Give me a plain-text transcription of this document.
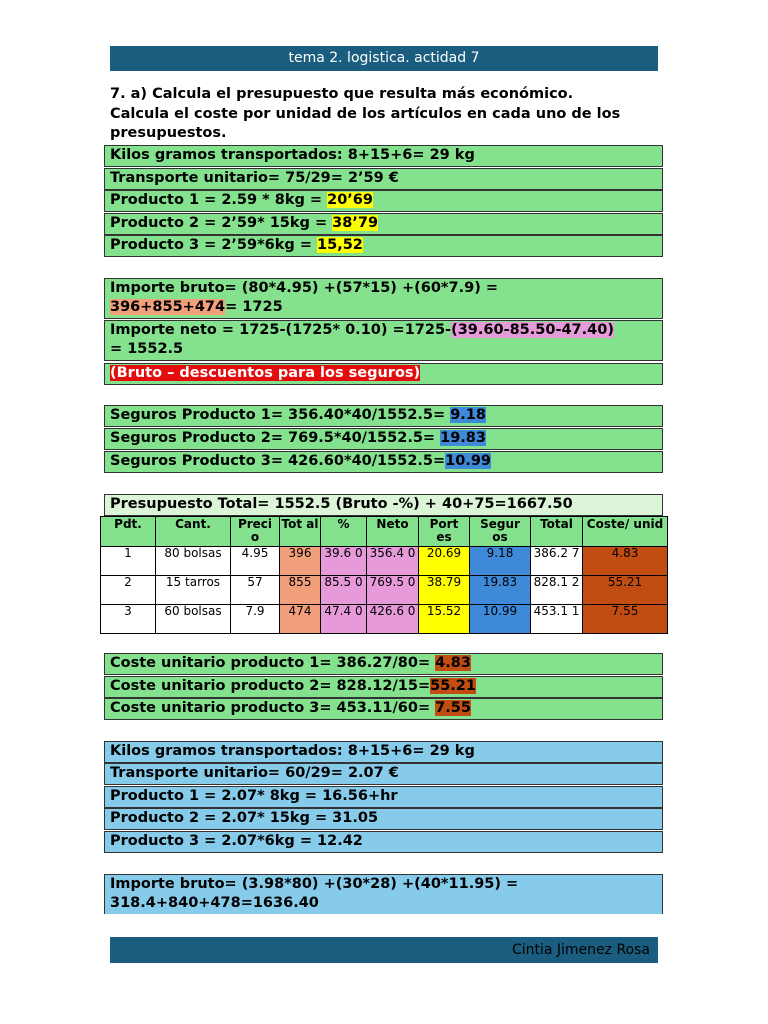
tema 2. logistica. actidad 7
7. a) Calcula el presupuesto que resulta más económico.
Calcula el coste por unidad de los artículos en cada uno de los
presupuestos.
Kilos gramos transportados: 8+15+6= 29 kg
Transporte unitario= 75/29= 2’59 €
Producto 1 = 2.59 * 8kg = 20’69
Producto 2 = 2’59* 15kg = 38’79
Producto 3 = 2’59*6kg = 15,52
Importe bruto= (80*4.95) +(57*15) +(60*7.9) =
396+855+474= 1725
Importe neto = 1725-(1725* 0.10) =1725-(39.60-85.50-47.40)
= 1552.5
(Bruto – descuentos para los seguros)
Seguros Producto 1= 356.40*40/1552.5= 9.18
Seguros Producto 2= 769.5*40/1552.5= 19.83
Seguros Producto 3= 426.60*40/1552.5=10.99
Presupuesto Total= 1552.5 (Bruto -%) + 40+75=1667.50
Pdt.	Cant.	Preci o	Tot al	%	Neto	Port es	Segur os	Total	Coste/ unid
1	80 bolsas	4.95	396	39.6 0	356.4 0	20.69	9.18	386.2 7	4.83
2	15 tarros	57	855	85.5 0	769.5 0	38.79	19.83	828.1 2	55.21
3	60 bolsas	7.9	474	47.4 0	426.6 0	15.52	10.99	453.1 1	7.55
Coste unitario producto 1= 386.27/80= 4.83
Coste unitario producto 2= 828.12/15=55.21
Coste unitario producto 3= 453.11/60= 7.55
Kilos gramos transportados: 8+15+6= 29 kg
Transporte unitario= 60/29= 2.07 €
Producto 1 = 2.07* 8kg = 16.56+hr
Producto 2 = 2.07* 15kg = 31.05
Producto 3 = 2.07*6kg = 12.42
Importe bruto= (3.98*80) +(30*28) +(40*11.95) =
318.4+840+478=1636.40
Cintia Jimenez Rosa
